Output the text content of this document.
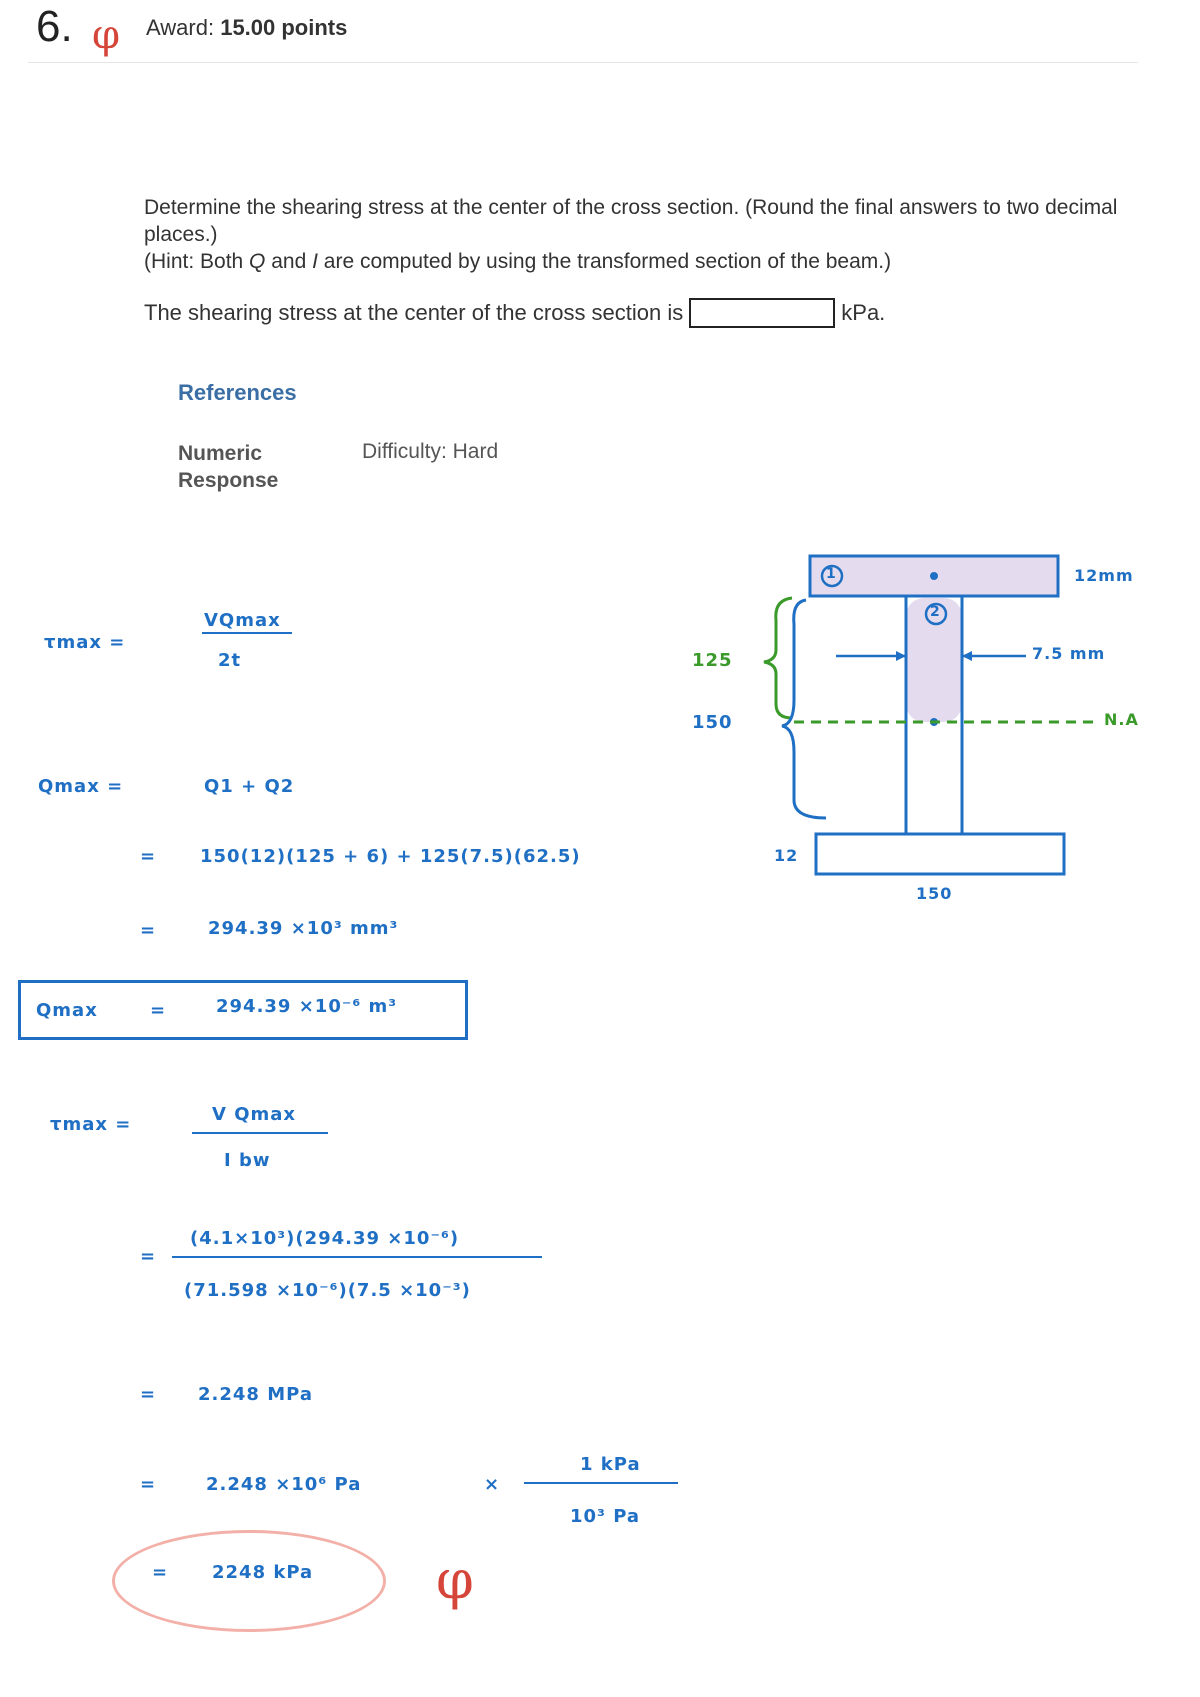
6. φ Award: 15.00 points
Determine the shearing stress at the center of the cross section. (Round the final answers to two decimal places.)
(Hint: Both Q and I are computed by using the transformed section of the beam.)
The shearing stress at the center of the cross section is	kPa.
References
Numeric
Response
Difficulty: Hard
τmax =
VQmax
2t
Qmax =	Q1 + Q2
= 150(12)(125 + 6) + 125(7.5)(62.5)
=	294.39 ×10³ mm³
Qmax	=	294.39 ×10⁻⁶ m³
τmax =	V Qmax
I bw
=
(4.1×10³)(294.39 ×10⁻⁶)
(71.598 ×10⁻⁶)(7.5 ×10⁻³)
= 2.248 MPa
=	2.248 ×10⁶ Pa	×
1 kPa
10³ Pa
= 2248 kPa φ
1
2
12mm
7.5 mm
N.A
125
150
12
150
